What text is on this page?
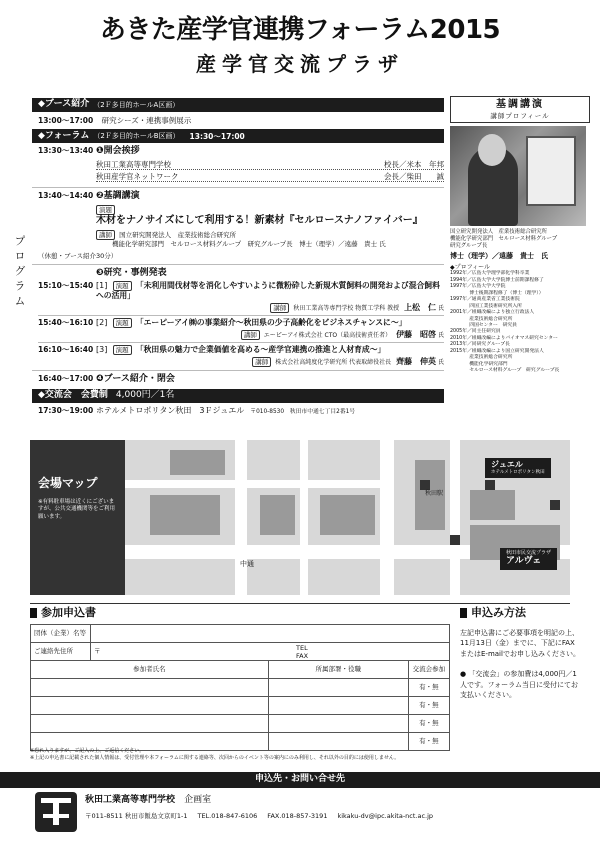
あきた産学官連携フォーラム2015
産学官交流プラザ
プログラム
◆ブース紹介 （2Ｆ多目的ホールA区画）
13:00〜17:00 研究シーズ・連携事例展示
◆フォーラム （2Ｆ多目的ホールB区画） 13:30〜17:00
13:30〜13:40 ❶開会挨拶
秋田工業高等専門学校	校長／米本　年邦
秋田産学官ネットワーク	会長／柴田　　誠
13:40〜14:40 ❷基調講演
演題 木材をナノサイズにして利用する！新素材『セルロースナノファイバー』
講師 国立研究開発法人　産業技術総合研究所
機能化学研究部門　セルロース材料グループ　研究グループ長　博士（理学）／遠藤　貴士 氏
（休憩・ブース紹介30分）
❸研究・事例発表
15:10〜15:40 [1] 演題 「未利用間伐材等を消化しやすいように微粉砕した新規木質飼料の開発および混合飼料への活用」
講師 秋田工業高等専門学校 物質工学科 教授 上松　仁 氏
15:40〜16:10 [2] 演題 「エーピーアイ㈱の事業紹介〜秋田県の少子高齢化をビジネスチャンスに〜」
講師 エーピーアイ株式会社 CTO（最高技術責任者） 伊藤　昭啓 氏
16:10〜16:40 [3] 演題 「秋田県の魅力で企業価値を高める〜産学官連携の推進と人材育成〜」
講師 株式会社高純度化学研究所 代表取締役社長 齊藤　伸英 氏
16:40〜17:00 ❹ブース紹介・閉会
◆交流会　会費制 4,000円／1名
17:30〜19:00 ホテルメトロポリタン秋田　3Ｆジュエル 〒010-8530　秋田市中通七丁目2番1号
基調講演
講師プロフィール
国立研究開発法人　産業技術総合研究所
機能化学研究部門　セルロース材料グループ
研究グループ長
博士（理学）／遠藤　貴士　氏
◆プロフィール
1992年／広島大学理学部化学科卒業
1994年／広島大学大学院博士前期課程修了
1997年／広島大学大学院
　　　　博士後期課程修了（博士（理学））
1997年／通商産業省工業技術院
　　　　四国工業技術研究所入所
2001年／組織改編により独立行政法人
　　　　産業技術総合研究所
　　　　四国センター　研究員
2005年／同主任研究員
2010年／組織改編によりバイオマス研究センター
2013年／同研究グループ長
2015年／組織改編により国立研究開発法人
　　　　産業技術総合研究所
　　　　機能化学研究部門
　　　　セルロース材料グループ　研究グループ長
ジュエル
ホテルメトロポリタン秋田
秋田市民交流プラザ
アルヴェ
中通
秋田駅
会場マップ
※有料駐車場は近くにございますが、公共交通機関等をご利用願います。
参加申込書
団体（企業）名等			
ご連絡先住所	〒 TEL
FAX		

参加者氏名		所属部署・役職	交流会参加
			有・無
			有・無
			有・無
			有・無
※恐れ入りますが、ご記入の上、ご返信ください。
※上記の申込書に記載された個人情報は、受付管理や本フォーラムに関する連絡等、次回からのイベント等の案内にのみ利用し、それ以外の目的には使用しません。
申込み方法
左記申込書にご必要事項を明記の上、11月13日（金）までに、下記にFAXまたはE-mailでお申し込みください。
● 「交流会」の参加費は4,000円／1人です。フォーラム当日に受付にてお支払いください。
申込先・お問い合せ先
秋田工業高等専門学校 企画室
〒011-8511 秋田市飯島文京町1-1 TEL.018-847-6106 FAX.018-857-3191 kikaku-dv@ipc.akita-nct.ac.jp
